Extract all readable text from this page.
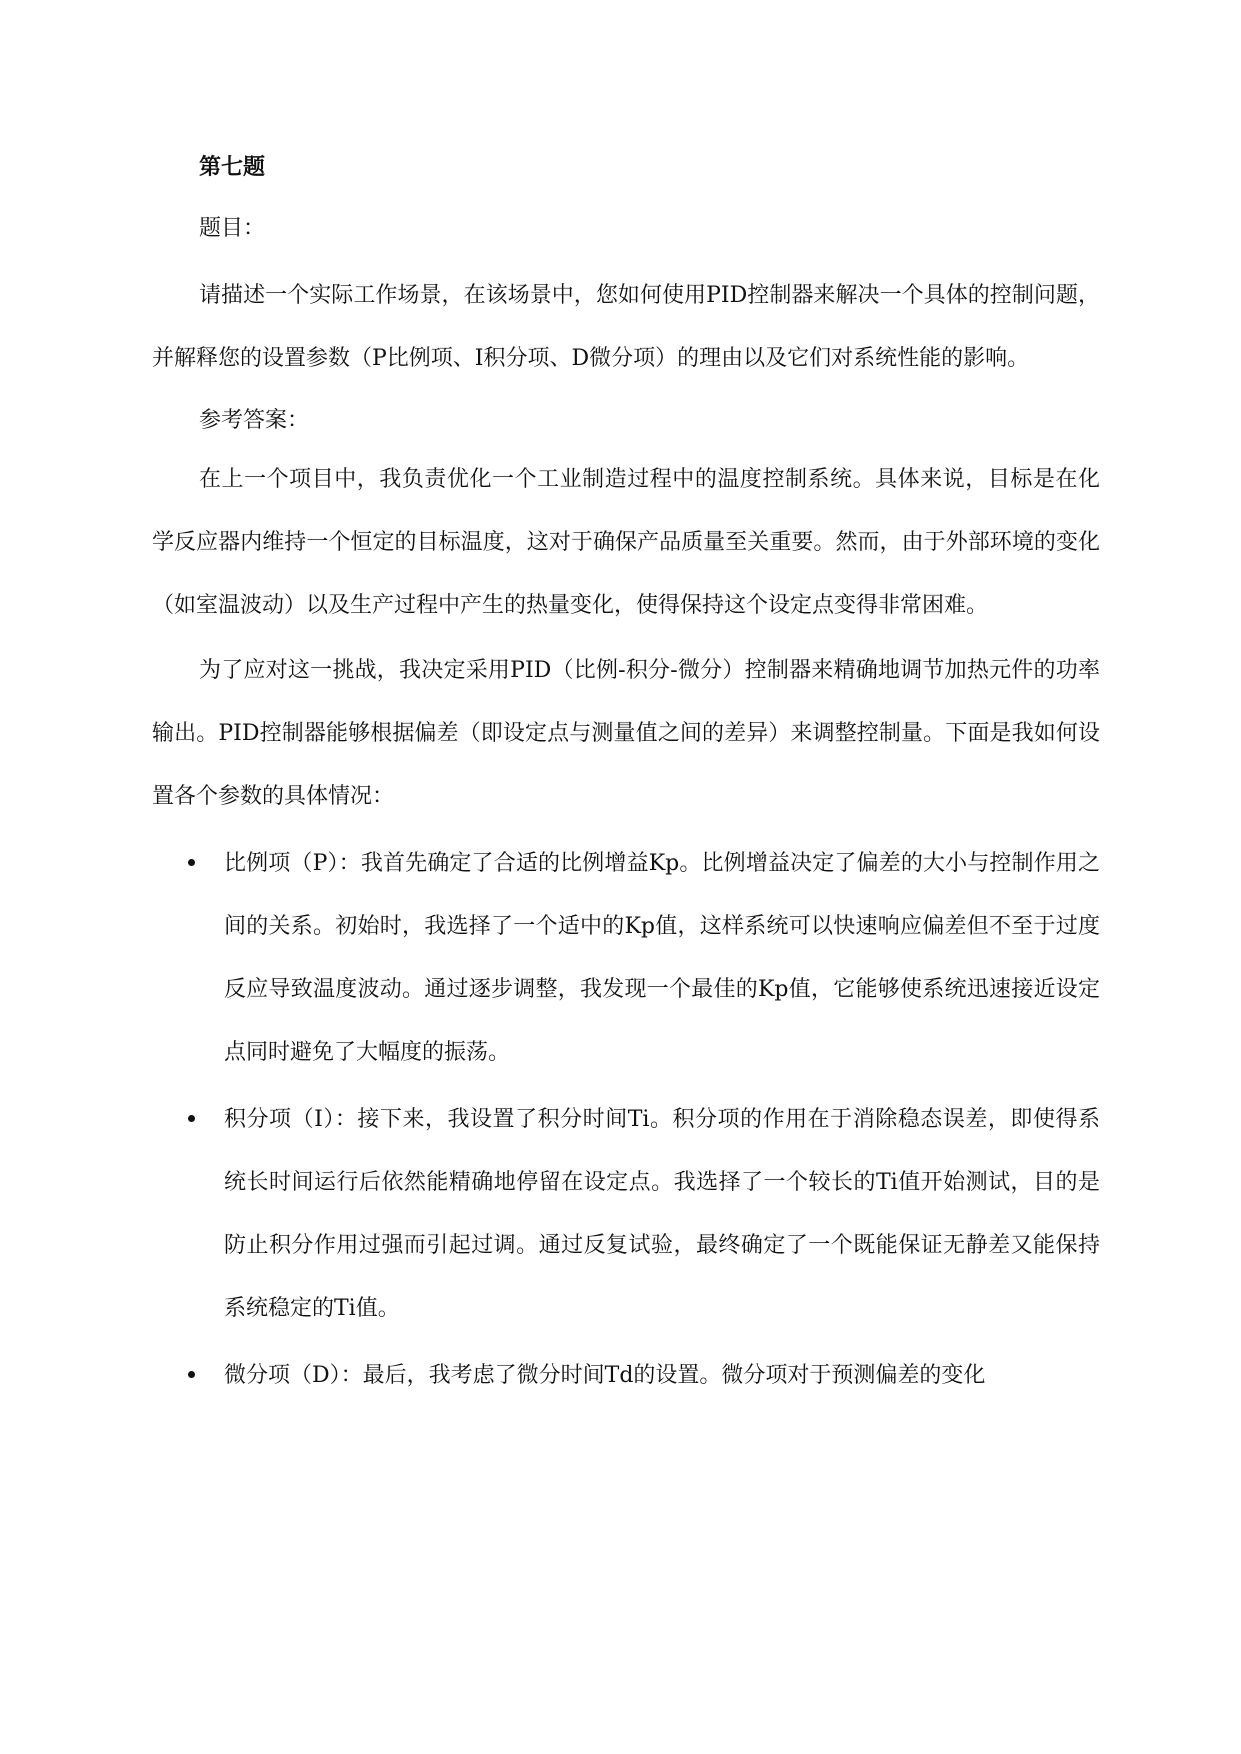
第七题

题目：

请描述一个实际工作场景，在该场景中，您如何使用PID控制器来解决一个具体的控制问题，并解释您的设置参数（P比例项、I积分项、D微分项）的理由以及它们对系统性能的影响。

参考答案：

在上一个项目中，我负责优化一个工业制造过程中的温度控制系统。具体来说，目标是在化学反应器内维持一个恒定的目标温度，这对于确保产品质量至关重要。然而，由于外部环境的变化（如室温波动）以及生产过程中产生的热量变化，使得保持这个设定点变得非常困难。

为了应对这一挑战，我决定采用PID（比例-积分-微分）控制器来精确地调节加热元件的功率输出。PID控制器能够根据偏差（即设定点与测量值之间的差异）来调整控制量。下面是我如何设置各个参数的具体情况：

比例项（P）：我首先确定了合适的比例增益Kp。比例增益决定了偏差的大小与控制作用之间的关系。初始时，我选择了一个适中的Kp值，这样系统可以快速响应偏差但不至于过度反应导致温度波动。通过逐步调整，我发现一个最佳的Kp值，它能够使系统迅速接近设定点同时避免了大幅度的振荡。
积分项（I）：接下来，我设置了积分时间Ti。积分项的作用在于消除稳态误差，即使得系统长时间运行后依然能精确地停留在设定点。我选择了一个较长的Ti值开始测试，目的是防止积分作用过强而引起过调。通过反复试验，最终确定了一个既能保证无静差又能保持系统稳定的Ti值。
微分项（D）：最后，我考虑了微分时间Td的设置。微分项对于预测偏差的变化
